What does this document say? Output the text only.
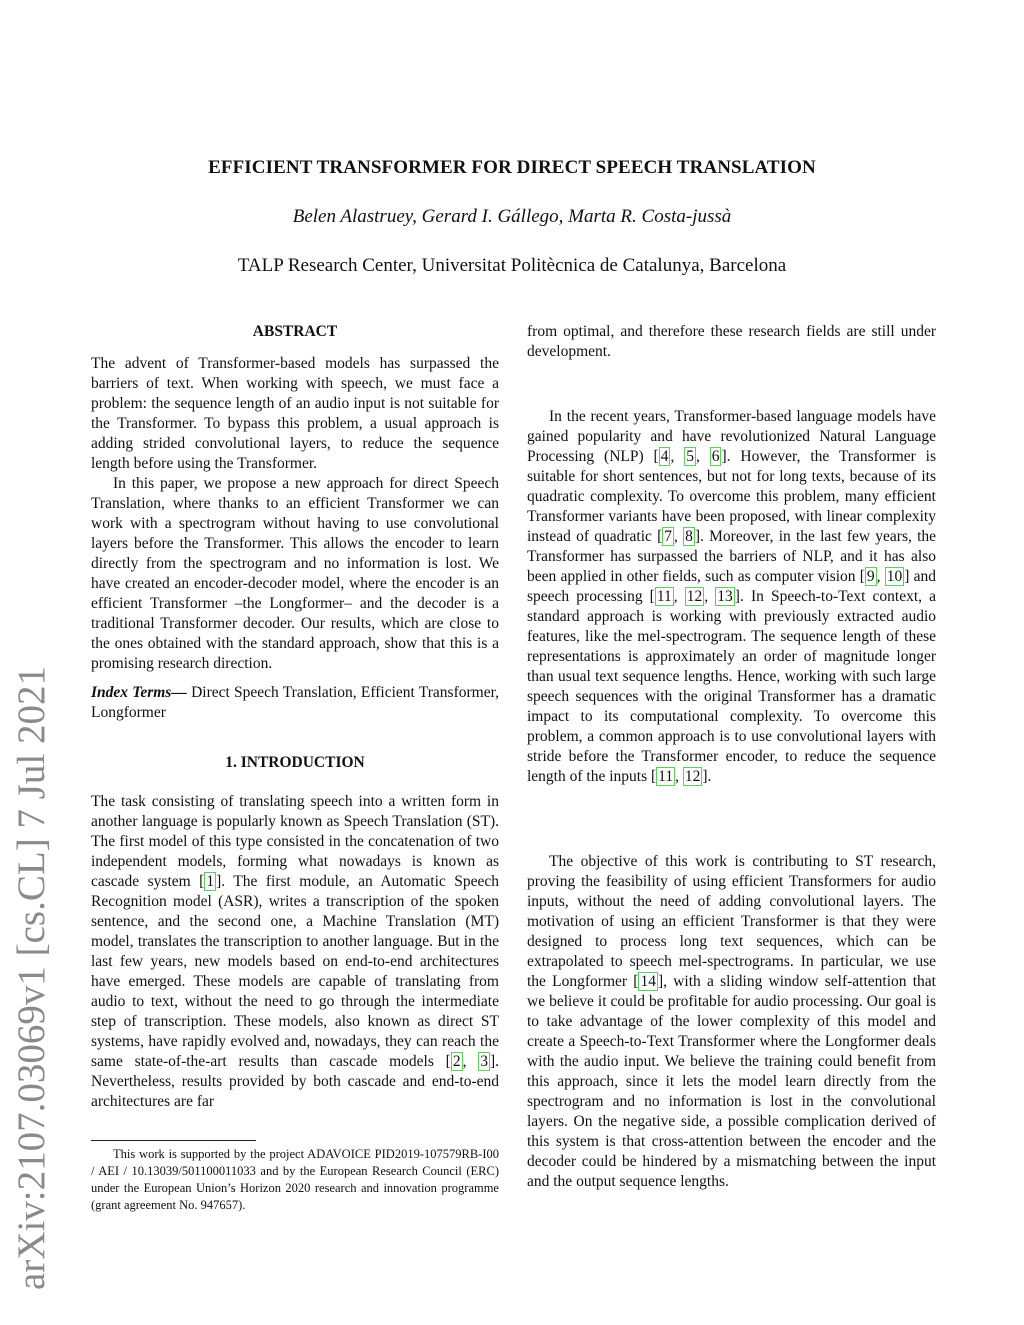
arXiv:2107.03069v1 [cs.CL] 7 Jul 2021
EFFICIENT TRANSFORMER FOR DIRECT SPEECH TRANSLATION
Belen Alastruey, Gerard I. Gállego, Marta R. Costa-jussà
TALP Research Center, Universitat Politècnica de Catalunya, Barcelona

ABSTRACT

The advent of Transformer-based models has surpassed the barriers of text. When working with speech, we must face a problem: the sequence length of an audio input is not suitable for the Transformer. To bypass this problem, a usual approach is adding strided convolutional layers, to reduce the sequence length before using the Transformer.

In this paper, we propose a new approach for direct Speech Translation, where thanks to an efficient Transformer we can work with a spectrogram without having to use convolutional layers before the Transformer. This allows the encoder to learn directly from the spectrogram and no information is lost. We have created an encoder-decoder model, where the encoder is an efficient Transformer –the Longformer– and the decoder is a traditional Transformer decoder. Our results, which are close to the ones obtained with the standard approach, show that this is a promising research direction.

Index Terms— Direct Speech Translation, Efficient Transformer, Longformer

1. INTRODUCTION

The task consisting of translating speech into a written form in another language is popularly known as Speech Translation (ST). The first model of this type consisted in the concatenation of two independent models, forming what nowadays is known as cascade system [ 1 ]. The first module, an Automatic Speech Recognition model (ASR), writes a transcription of the spoken sentence, and the second one, a Machine Translation (MT) model, translates the transcription to another language. But in the last few years, new models based on end-to-end architectures have emerged. These models are capable of translating from audio to text, without the need to go through the intermediate step of transcription. These models, also known as direct ST systems, have rapidly evolved and, nowadays, they can reach the same state-of-the-art results than cascade models [ 2 , 3 ]. Nevertheless, results provided by both cascade and end-to-end architectures are far

This work is supported by the project ADAVOICE PID2019-107579RB-I00 / AEI / 10.13039/501100011033 and by the European Research Council (ERC) under the European Union’s Horizon 2020 research and innovation programme (grant agreement No. 947657).

from optimal, and therefore these research fields are still under development.

In the recent years, Transformer-based language models have gained popularity and have revolutionized Natural Language Processing (NLP) [ 4 , 5 , 6 ]. However, the Transformer is suitable for short sentences, but not for long texts, because of its quadratic complexity. To overcome this problem, many efficient Transformer variants have been proposed, with linear complexity instead of quadratic [ 7 , 8 ]. Moreover, in the last few years, the Transformer has surpassed the barriers of NLP, and it has also been applied in other fields, such as computer vision [ 9 , 10 ] and speech processing [ 11 , 12 , 13 ]. In Speech-to-Text context, a standard approach is working with previously extracted audio features, like the mel-spectrogram. The sequence length of these representations is approximately an order of magnitude longer than usual text sequence lengths. Hence, working with such large speech sequences with the original Transformer has a dramatic impact to its computational complexity. To overcome this problem, a common approach is to use convolutional layers with stride before the Transformer encoder, to reduce the sequence length of the inputs [ 11 , 12 ].

The objective of this work is contributing to ST research, proving the feasibility of using efficient Transformers for audio inputs, without the need of adding convolutional layers. The motivation of using an efficient Transformer is that they were designed to process long text sequences, which can be extrapolated to speech mel-spectrograms. In particular, we use the Longformer [ 14 ], with a sliding window self-attention that we believe it could be profitable for audio processing. Our goal is to take advantage of the lower complexity of this model and create a Speech-to-Text Transformer where the Longformer deals with the audio input. We believe the training could benefit from this approach, since it lets the model learn directly from the spectrogram and no information is lost in the convolutional layers. On the negative side, a possible complication derived of this system is that cross-attention between the encoder and the decoder could be hindered by a mismatching between the input and the output sequence lengths.
